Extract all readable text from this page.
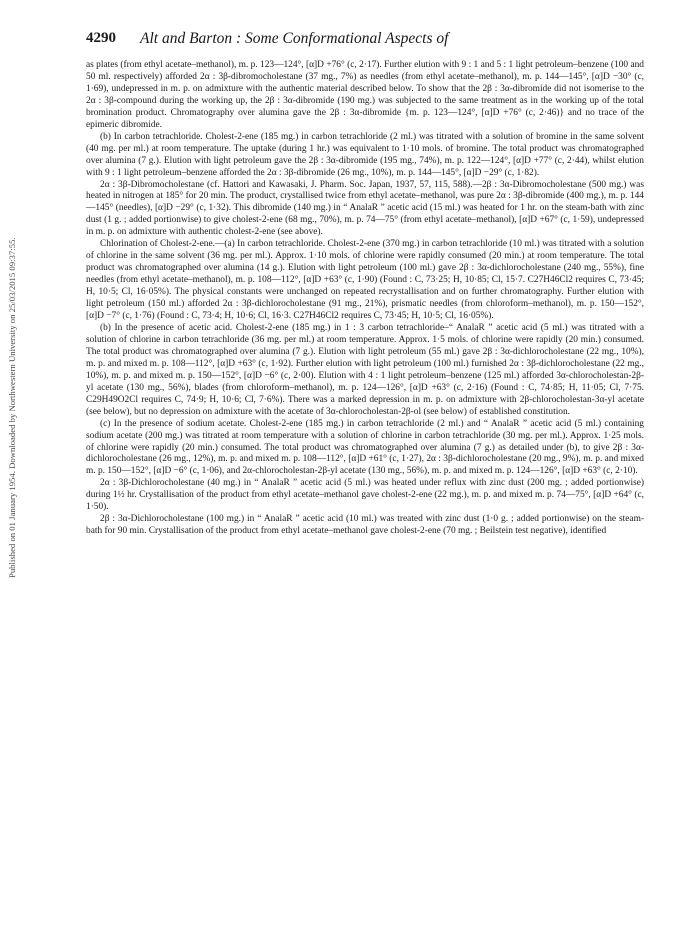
Published on 01 January 1954. Downloaded by Northwestern University on 25/03/2015 09:37:55.
4290 Alt and Barton : Some Conformational Aspects of

as plates (from ethyl acetate–methanol), m. p. 123—124°, [α]D +76° (c, 2·17). Further elution with 9 : 1 and 5 : 1 light petroleum–benzene (100 and 50 ml. respectively) afforded 2α : 3β-dibromocholestane (37 mg., 7%) as needles (from ethyl acetate–methanol), m. p. 144—145°, [α]D −30° (c, 1·69), undepressed in m. p. on admixture with the authentic material described below. To show that the 2β : 3α-dibromide did not isomerise to the 2α : 3β-compound during the working up, the 2β : 3α-dibromide (190 mg.) was subjected to the same treatment as in the working up of the total bromination product. Chromatography over alumina gave the 2β : 3α-dibromide {m. p. 123—124°, [α]D +76° (c, 2·46)} and no trace of the epimeric dibromide.

(b) In carbon tetrachloride. Cholest-2-ene (185 mg.) in carbon tetrachloride (2 ml.) was titrated with a solution of bromine in the same solvent (40 mg. per ml.) at room temperature. The uptake (during 1 hr.) was equivalent to 1·10 mols. of bromine. The total product was chromatographed over alumina (7 g.). Elution with light petroleum gave the 2β : 3α-dibromide (195 mg., 74%), m. p. 122—124°, [α]D +77° (c, 2·44), whilst elution with 9 : 1 light petroleum–benzene afforded the 2α : 3β-dibromide (26 mg., 10%), m. p. 144—145°, [α]D −29° (c, 1·82).

2α : 3β-Dibromocholestane (cf. Hattori and Kawasaki, J. Pharm. Soc. Japan, 1937, 57, 115, 588).—2β : 3α-Dibromocholestane (500 mg.) was heated in nitrogen at 185° for 20 min. The product, crystallised twice from ethyl acetate–methanol, was pure 2α : 3β-dibromide (400 mg.), m. p. 144—145° (needles), [α]D −29° (c, 1·32). This dibromide (140 mg.) in “ AnalaR ” acetic acid (15 ml.) was heated for 1 hr. on the steam-bath with zinc dust (1 g. ; added portionwise) to give cholest-2-ene (68 mg., 70%), m. p. 74—75° (from ethyl acetate–methanol), [α]D +67° (c, 1·59), undepressed in m. p. on admixture with authentic cholest-2-ene (see above).

Chlorination of Cholest-2-ene.—(a) In carbon tetrachloride. Cholest-2-ene (370 mg.) in carbon tetrachloride (10 ml.) was titrated with a solution of chlorine in the same solvent (36 mg. per ml.). Approx. 1·10 mols. of chlorine were rapidly consumed (20 min.) at room temperature. The total product was chromatographed over alumina (14 g.). Elution with light petroleum (100 ml.) gave 2β : 3α-dichlorocholestane (240 mg., 55%), fine needles (from ethyl acetate–methanol), m. p. 108—112°, [α]D +63° (c, 1·90) (Found : C, 73·25; H, 10·85; Cl, 15·7. C27H46Cl2 requires C, 73·45; H, 10·5; Cl, 16·05%). The physical constants were unchanged on repeated recrystallisation and on further chromatography. Further elution with light petroleum (150 ml.) afforded 2α : 3β-dichlorocholestane (91 mg., 21%), prismatic needles (from chloroform–methanol), m. p. 150—152°, [α]D −7° (c, 1·76) (Found : C, 73·4; H, 10·6; Cl, 16·3. C27H46Cl2 requires C, 73·45; H, 10·5; Cl, 16·05%).

(b) In the presence of acetic acid. Cholest-2-ene (185 mg.) in 1 : 3 carbon tetrachloride–“ AnalaR ” acetic acid (5 ml.) was titrated with a solution of chlorine in carbon tetrachloride (36 mg. per ml.) at room temperature. Approx. 1·5 mols. of chlorine were rapidly (20 min.) consumed. The total product was chromatographed over alumina (7 g.). Elution with light petroleum (55 ml.) gave 2β : 3α-dichlorocholestane (22 mg., 10%), m. p. and mixed m. p. 108—112°, [α]D +63° (c, 1·92). Further elution with light petroleum (100 ml.) furnished 2α : 3β-dichlorocholestane (22 mg., 10%), m. p. and mixed m. p. 150—152°, [α]D −6° (c, 2·00). Elution with 4 : 1 light petroleum–benzene (125 ml.) afforded 3α-chlorocholestan-2β-yl acetate (130 mg., 56%), blades (from chloroform–methanol), m. p. 124—126°, [α]D +63° (c, 2·16) (Found : C, 74·85; H, 11·05; Cl, 7·75. C29H49O2Cl requires C, 74·9; H, 10·6; Cl, 7·6%). There was a marked depression in m. p. on admixture with 2β-chlorocholestan-3α-yl acetate (see below), but no depression on admixture with the acetate of 3α-chlorocholestan-2β-ol (see below) of established constitution.

(c) In the presence of sodium acetate. Cholest-2-ene (185 mg.) in carbon tetrachloride (2 ml.) and “ AnalaR ” acetic acid (5 ml.) containing sodium acetate (200 mg.) was titrated at room temperature with a solution of chlorine in carbon tetrachloride (30 mg. per ml.). Approx. 1·25 mols. of chlorine were rapidly (20 min.) consumed. The total product was chromatographed over alumina (7 g.) as detailed under (b), to give 2β : 3α-dichlorocholestane (26 mg., 12%), m. p. and mixed m. p. 108—112°, [α]D +61° (c, 1·27), 2α : 3β-dichlorocholestane (20 mg., 9%), m. p. and mixed m. p. 150—152°, [α]D −6° (c, 1·06), and 2α-chlorocholestan-2β-yl acetate (130 mg., 56%), m. p. and mixed m. p. 124—126°, [α]D +63° (c, 2·10).

2α : 3β-Dichlorocholestane (40 mg.) in “ AnalaR ” acetic acid (5 ml.) was heated under reflux with zinc dust (200 mg. ; added portionwise) during 1½ hr. Crystallisation of the product from ethyl acetate–methanol gave cholest-2-ene (22 mg.), m. p. and mixed m. p. 74—75°, [α]D +64° (c, 1·50).

2β : 3α-Dichlorocholestane (100 mg.) in “ AnalaR ” acetic acid (10 ml.) was treated with zinc dust (1·0 g. ; added portionwise) on the steam-bath for 90 min. Crystallisation of the product from ethyl acetate–methanol gave cholest-2-ene (70 mg. ; Beilstein test negative), identified
